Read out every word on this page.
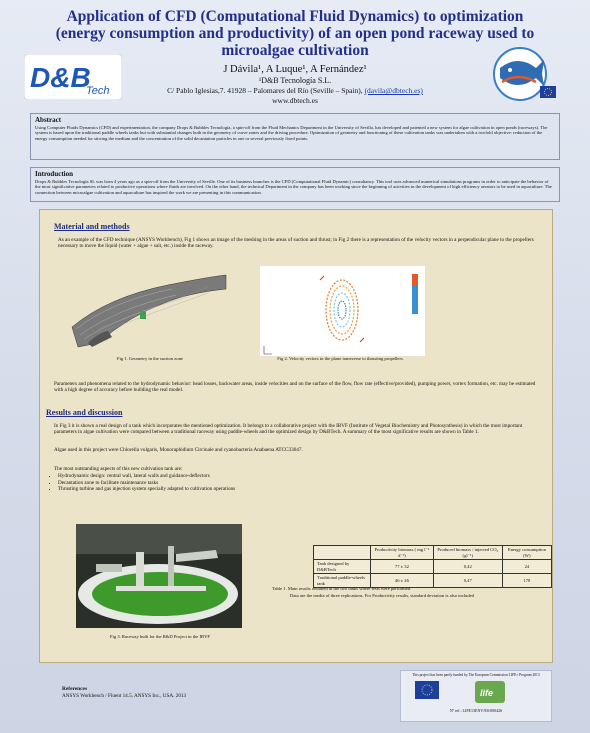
Application of CFD (Computational Fluid Dynamics) to optimization (energy consumption and productivity) of an open pond raceway used to microalgae cultivation
D&B
Tech
J Dávila¹, A Luque¹, A Fernández¹
¹D&B Tecnología S.L.
C/ Pablo Iglesias,7. 41928 – Palomares del Río (Seville – Spain), (davila@dbtech.es)
www.dbtech.es
Abstract

Using Computer Fluids Dynamics (CFD) and experimentation, the company Drops & Bubbles Tecnología, a spin-off from the Fluid Mechanics Department in the University of Sevilla, has developed and patented a new system for algae cultivation in open ponds (raceways). The system is based upon the traditional paddle wheels tanks but with substantial changes both in the geometry of curve zones and the driving procedure. Optimization of geometry and functioning of these cultivation tanks was undertaken with a twofold objective: reduction of the energy consumption needed for stirring the medium and the concentration of the solid decantation particles in one or several previously fixed points.

Introduction

Drops & Bubbles Tecnología SL was born 4 years ago as a spin-off from the University of Seville. One of its business branches is the CFD (Computational Fluid Dynamic) consultancy. This tool uses advanced numerical simulations programs in order to anticipate the behavior of the most significative parameters related to productive operations where fluids are involved. On the other hand, the technical Department in the company has been working since the beginning of activities in the development of high efficiency aerators to be used in aquaculture. The connection between microalgae cultivation and aquaculture has inspired the work we are presenting in this communication.

Material and methods
As an example of the CFD technique (ANSYS Workbench), Fig 1 shows an image of the meshing in the areas of suction and thrust; in Fig 2 there is a representation of the velocity vectors in a perpendicular plane to the propellers necessary to move the liquid (water + algae + salt, etc.) inside the raceway.
Fig 1. Geometry in the suction zone	Fig 2. Velocity vectors in the plane transverse to thrusting propellers
Parameters and phenomena related to the hydrodynamic behavior: head losses, backwater areas, inside velocities and on the surface of the flow, flow rate (effective/provided), pumping power, vortex formation, etc. may be estimated with a high degree of accuracy before building the real model.
Results and discussion
In Fig 3 it is shown a real design of a tank which incorporates the mentioned optimization. It belongs to a collaborative project with the IBVF (Institute of Vegetal Biochemistry and Photosynthesis) in which the most important parameters in algae cultivation were compared between a traditional raceway using paddle-wheels and the optimized design by D&BTech. A summary of the most significative results are shown in Table 1.
Algae used in this project were Chlorella vulgaris, Monoraphidium Circinale and cyanobacteria Anabaena ATCC33047.
The most outstanding aspects of this new cultivation tank are:
• Hydrodynamic design: central wall, lateral walls and guidance-deflectors
• Decantation zone to facilitate maintenance tasks
• Thrusting turbine and gas injection system specially adapted to cultivation operations
Fig 3. Raceway built for the R&D Project in the IBVF
	Productivity biomass ( mg l⁻¹ d⁻¹)	Produced biomass / injected CO₂ (gl⁻¹)	Energy consumption (W)
Tank designed by D&BTech	77 ± 32	0,42	24
Traditional paddle-wheels tank	46 ± 26	0,47	178
Table 1. Main results obtained in the two tanks where tests were performed.
Data are the media of three replications. For Productivity results, standard deviation is also included
References
ANSYS Workbench / Fluent 14.5, ANSYS Inc., USA. 2013
This project has been partly funded by The European Commission LIFE+ Program 2013
life
Nº ref.: LIFE13ENV/ES/000426
